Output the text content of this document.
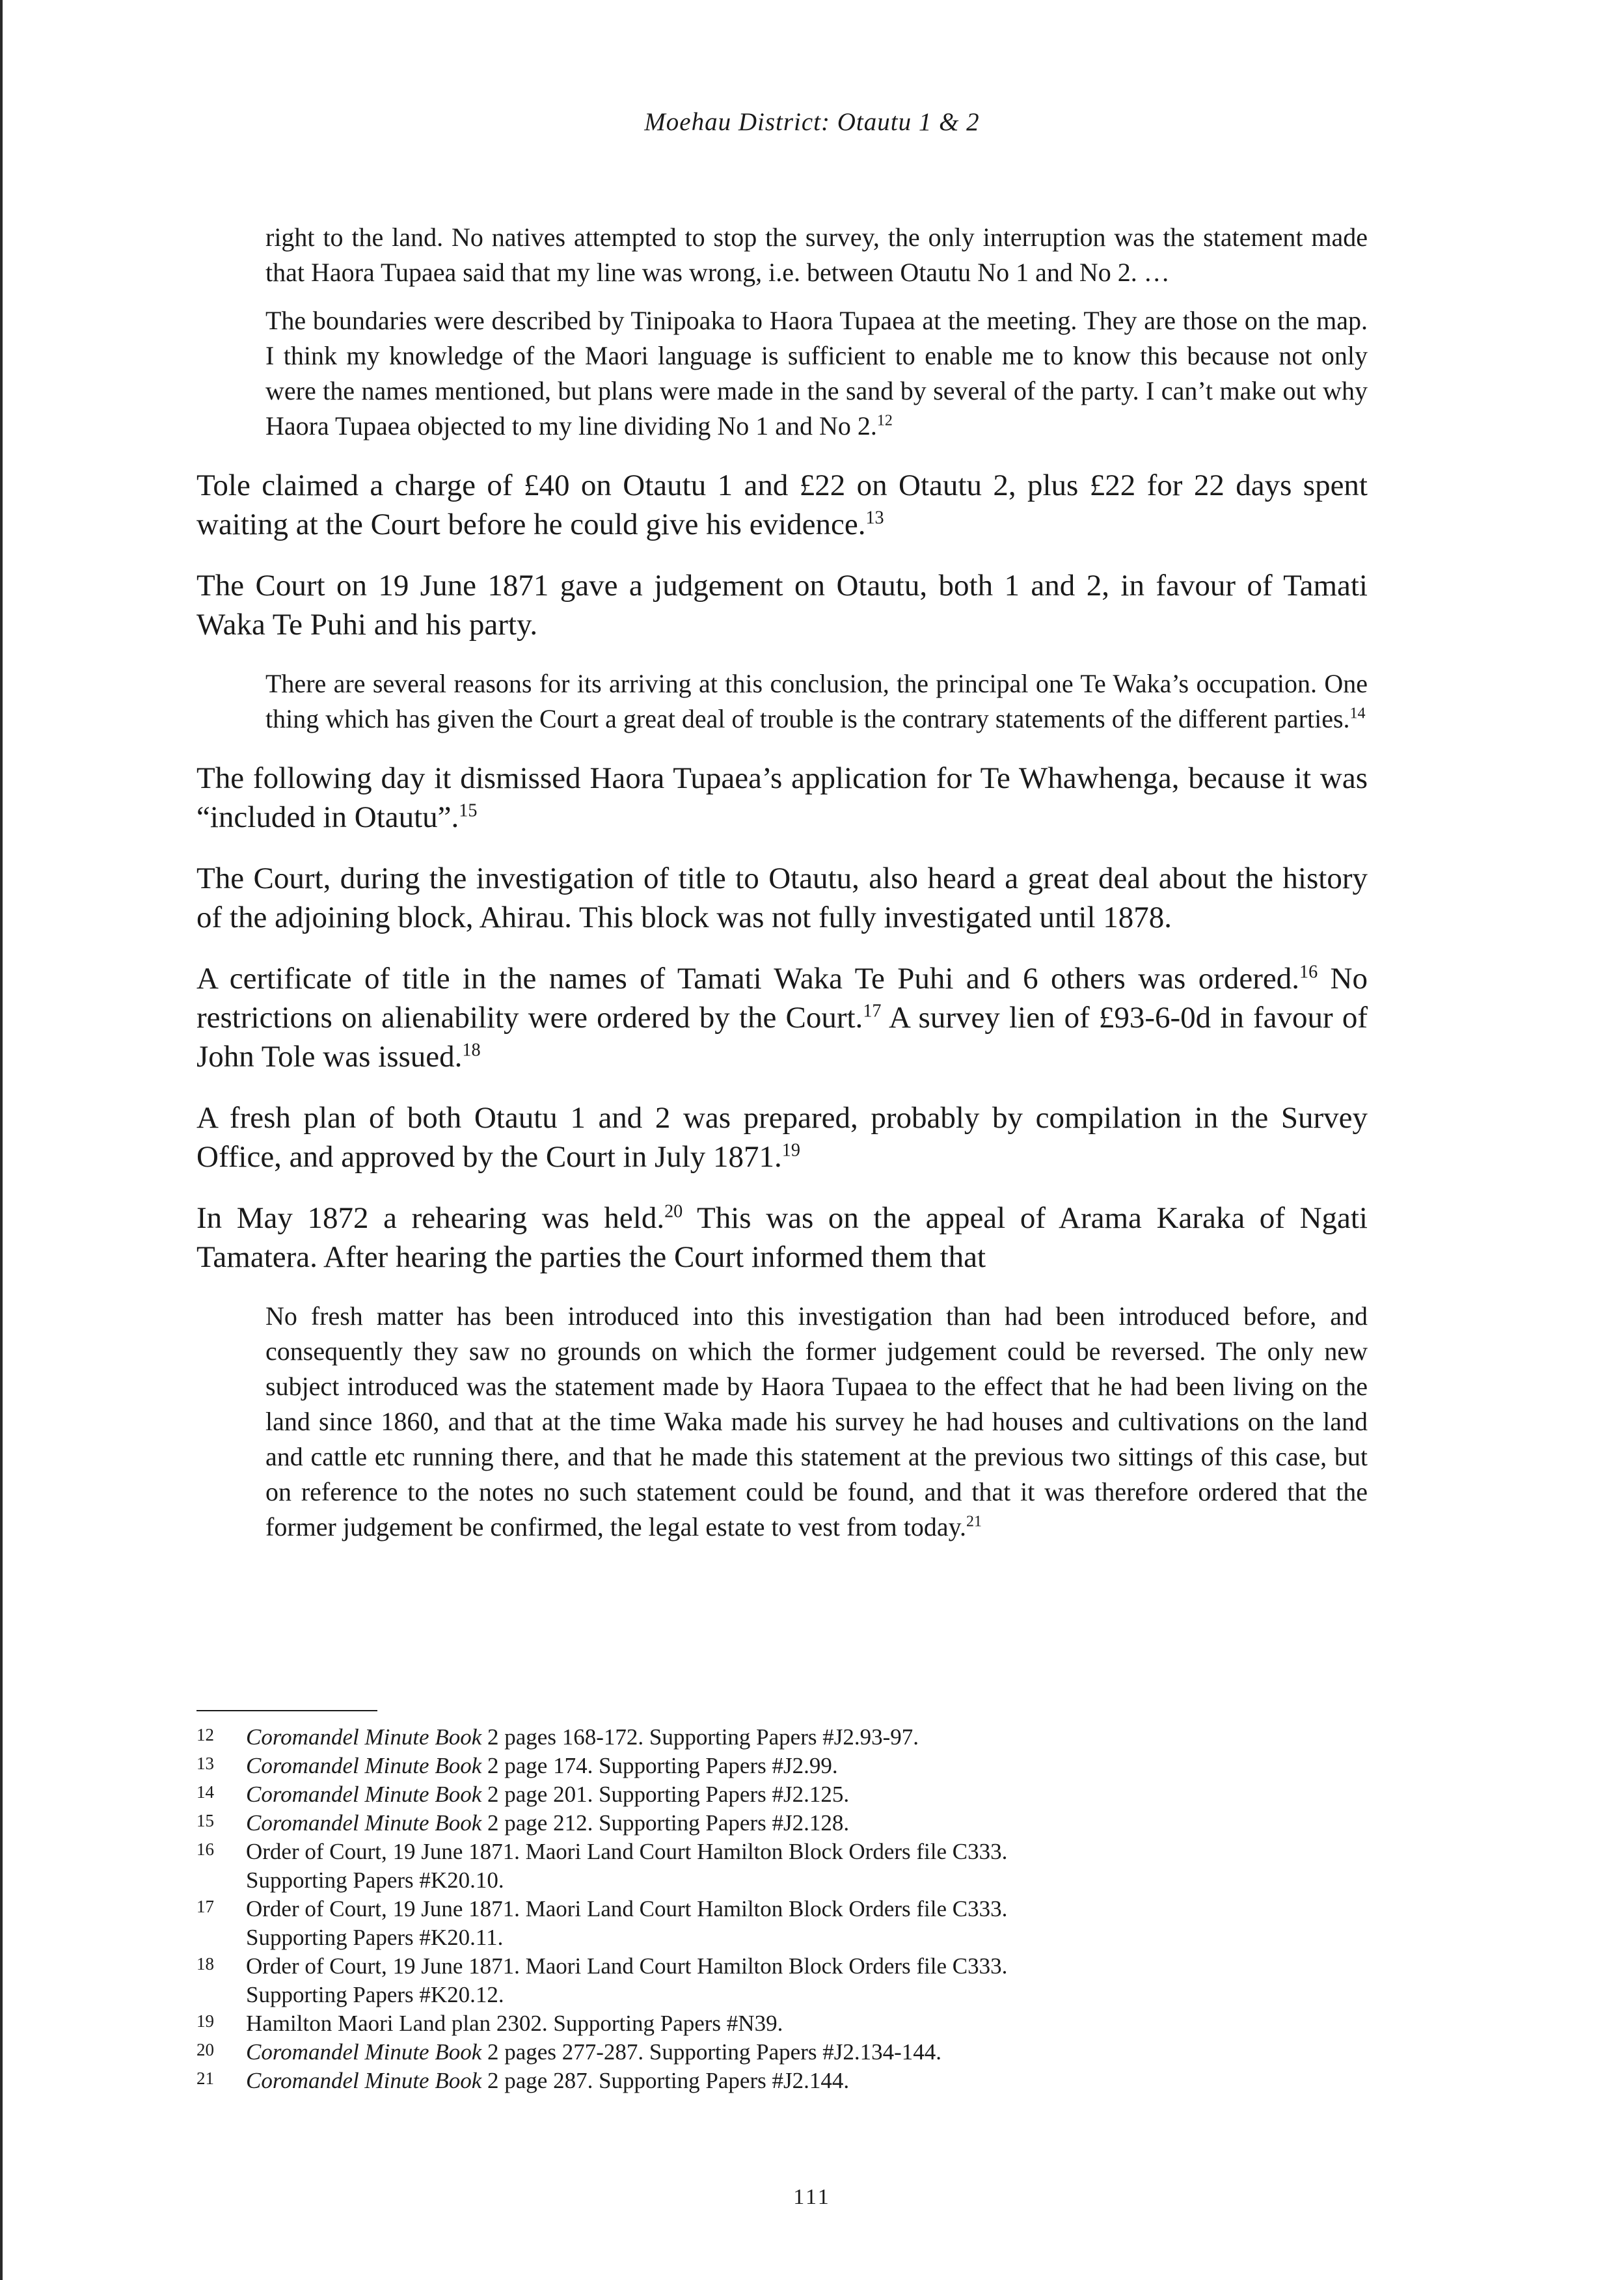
Moehau District: Otautu 1 & 2

right to the land. No natives attempted to stop the survey, the only interruption was the statement made that Haora Tupaea said that my line was wrong, i.e. between Otautu No 1 and No 2. …

The boundaries were described by Tinipoaka to Haora Tupaea at the meeting. They are those on the map. I think my knowledge of the Maori language is sufficient to enable me to know this because not only were the names mentioned, but plans were made in the sand by several of the party. I can’t make out why Haora Tupaea objected to my line dividing No 1 and No 2.12

Tole claimed a charge of £40 on Otautu 1 and £22 on Otautu 2, plus £22 for 22 days spent waiting at the Court before he could give his evidence.$^{13}$

The Court on 19 June 1871 gave a judgement on Otautu, both 1 and 2, in favour of Tamati Waka Te Puhi and his party.

There are several reasons for its arriving at this conclusion, the principal one Te Waka’s occupation. One thing which has given the Court a great deal of trouble is the contrary statements of the different parties.$^{14}$

The following day it dismissed Haora Tupaea’s application for Te Whawhenga, because it was “included in Otautu”.$^{15}$

The Court, during the investigation of title to Otautu, also heard a great deal about the history of the adjoining block, Ahirau. This block was not fully investigated until 1878.

A certificate of title in the names of Tamati Waka Te Puhi and 6 others was ordered.$^{16}$ No restrictions on alienability were ordered by the Court.$^{17}$ A survey lien of £93-6-0d in favour of John Tole was issued.$^{18}$

A fresh plan of both Otautu 1 and 2 was prepared, probably by compilation in the Survey Office, and approved by the Court in July 1871.19

In May 1872 a rehearing was held.$^{20}$ This was on the appeal of Arama Karaka of Ngati Tamatera. After hearing the parties the Court informed them that

No fresh matter has been introduced into this investigation than had been introduced before, and consequently they saw no grounds on which the former judgement could be reversed. The only new subject introduced was the statement made by Haora Tupaea to the effect that he had been living on the land since 1860, and that at the time Waka made his survey he had houses and cultivations on the land and cattle etc running there, and that he made this statement at the previous two sittings of this case, but on reference to the notes no such statement could be found, and that it was therefore ordered that the former judgement be confirmed, the legal estate to vest from today.$^{21}$

12	Coromandel Minute Book 2 pages 168-172. Supporting Papers #J2.93-97.
13	Coromandel Minute Book 2 page 174. Supporting Papers #J2.99.
14	Coromandel Minute Book 2 page 201. Supporting Papers #J2.125.
15	Coromandel Minute Book 2 page 212. Supporting Papers #J2.128.
16	Order of Court, 19 June 1871. Maori Land Court Hamilton Block Orders file C333.
Supporting Papers #K20.10.
17	Order of Court, 19 June 1871. Maori Land Court Hamilton Block Orders file C333.
Supporting Papers #K20.11.
18	Order of Court, 19 June 1871. Maori Land Court Hamilton Block Orders file C333.
Supporting Papers #K20.12.
19	Hamilton Maori Land plan 2302. Supporting Papers #N39.
20	Coromandel Minute Book 2 pages 277-287. Supporting Papers #J2.134-144.
21	Coromandel Minute Book 2 page 287. Supporting Papers #J2.144.
111
